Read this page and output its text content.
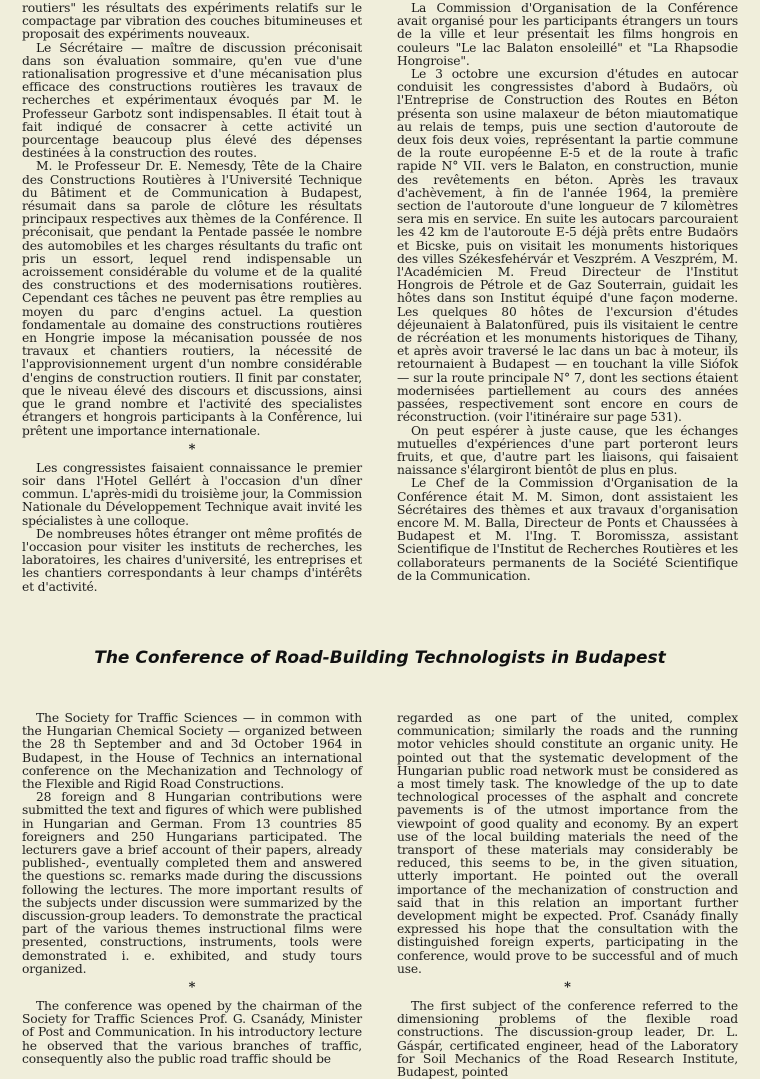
routiers" les résultats des expériments relatifs sur le compactage par vibration des couches bitumineuses et proposait des expériments nouveaux.

Le Sécrétaire — maître de discussion préconisait dans son évaluation sommaire, qu'en vue d'une rationalisation progressive et d'une mécanisation plus efficace des constructions routières les travaux de recherches et expérimentaux évoqués par M. le Professeur Garbotz sont indispensables. Il était tout à fait indiqué de consacrer à cette activité un pourcentage beaucoup plus élevé des dépenses destinées à la construction des routes.

M. le Professeur Dr. E. Nemesdy, Tête de la Chaire des Constructions Routières à l'Université Technique du Bâtiment et de Communication à Budapest, résumait dans sa parole de clôture les résultats principaux respectives aux thèmes de la Conférence. Il préconisait, que pendant la Pentade passée le nombre des automobiles et les charges résultants du trafic ont pris un essort, lequel rend indispensable un acroissement considérable du volume et de la qualité des constructions et des modernisations routières. Cependant ces tâches ne peuvent pas être remplies au moyen du parc d'engins actuel. La question fondamentale au domaine des constructions routières en Hongrie impose la mécanisation poussée de nos travaux et chantiers routiers, la nécessité de l'approvisionnement urgent d'un nombre considérable d'engins de construction routiers. Il finit par constater, que le niveau élevé des discours et discussions, ainsi que le grand nombre et l'activité des specialistes étrangers et hongrois participants à la Conférence, lui prêtent une importance internationale.

*

Les congressistes faisaient connaissance le premier soir dans l'Hotel Gellért à l'occasion d'un dîner commun. L'après-midi du troisième jour, la Commission Nationale du Développement Technique avait invité les spécialistes à une colloque.

De nombreuses hôtes étranger ont même profités de l'occasion pour visiter les instituts de recherches, les laboratoires, les chaires d'université, les entreprises et les chantiers correspondants à leur champs d'intérêts et d'activité.

La Commission d'Organisation de la Conférence avait organisé pour les participants étrangers un tours de la ville et leur présentait les films hongrois en couleurs "Le lac Balaton ensoleillé" et "La Rhapsodie Hongroise".

Le 3 octobre une excursion d'études en autocar conduisit les congressistes d'abord à Budaörs, où l'Entreprise de Construction des Routes en Béton présenta son usine malaxeur de béton miautomatique au relais de temps, puis une section d'autoroute de deux fois deux voies, représentant la partie commune de la route européenne E-5 et de la route à trafic rapide N° VII. vers le Balaton, en construction, munie des revêtements en béton. Après les travaux d'achèvement, à fin de l'année 1964, la première section de l'autoroute d'une longueur de 7 kilomètres sera mis en service. En suite les autocars parcouraient les 42 km de l'autoroute E-5 déjà prêts entre Budaörs et Bicske, puis on visitait les monuments historiques des villes Székesfehérvár et Veszprém. A Veszprém, M. l'Académicien M. Freud Directeur de l'Institut Hongrois de Pétrole et de Gaz Souterrain, guidait les hôtes dans son Institut équipé d'une façon moderne. Les quelques 80 hôtes de l'excursion d'études déjeunaient à Balatonfüred, puis ils visitaient le centre de récréation et les monuments historiques de Tihany, et après avoir traversé le lac dans un bac à moteur, ils retournaient à Budapest — en touchant la ville Siófok — sur la route principale N° 7, dont les sections étaient modernisées partiellement au cours des années passées, respectivement sont encore en cours de réconstruction. (voir l'itinéraire sur page 531).

On peut espérer à juste cause, que les échanges mutuelles d'expériences d'une part porteront leurs fruits, et que, d'autre part les liaisons, qui faisaient naissance s'élargiront bientôt de plus en plus.

Le Chef de la Commission d'Organisation de la Conférence était M. M. Simon, dont assistaient les Sécrétaires des thèmes et aux travaux d'organisation encore M. M. Balla, Directeur de Ponts et Chaussées à Budapest et M. l'Ing. T. Boromissza, assistant Scientifique de l'Institut de Recherches Routières et les collaborateurs permanents de la Société Scientifique de la Communication.

The Conference of Road-Building Technologists in Budapest

The Society for Traffic Sciences — in common with the Hungarian Chemical Society — organized between the 28 th September and and 3d October 1964 in Budapest, in the House of Technics an international conference on the Mechanization and Technology of the Flexible and Rigid Road Constructions.

28 foreign and 8 Hungarian contributions were submitted the text and figures of which were published in Hungarian and German. From 13 countries 85 foreigners and 250 Hungarians participated. The lecturers gave a brief account of their papers, already published-, eventually completed them and answered the questions sc. remarks made during the discussions following the lectures. The more important results of the subjects under discussion were summarized by the discussion-group leaders. To demonstrate the practical part of the various themes instructional films were presented, constructions, instruments, tools were demonstrated i. e. exhibited, and study tours organized.

*

The conference was opened by the chairman of the Society for Traffic Sciences Prof. G. Csanády, Minister of Post and Communication. In his introductory lecture he observed that the various branches of traffic, consequently also the public road traffic should be

regarded as one part of the united, complex communication; similarly the roads and the running motor vehicles should constitute an organic unity. He pointed out that the systematic development of the Hungarian public road network must be considered as a most timely task. The knowledge of the up to date technological processes of the asphalt and concrete pavements is of the utmost importance from the viewpoint of good quality and economy. By an expert use of the local building materials the need of the transport of these materials may considerably be reduced, this seems to be, in the given situation, utterly important. He pointed out the overall importance of the mechanization of construction and said that in this relation an important further development might be expected. Prof. Csanády finally expressed his hope that the consultation with the distinguished foreign experts, participating in the conference, would prove to be successful and of much use.

*

The first subject of the conference referred to the dimensioning problems of the flexible road constructions. The discussion-group leader, Dr. L. Gáspár, certificated engineer, head of the Laboratory for Soil Mechanics of the Road Research Institute, Budapest, pointed
